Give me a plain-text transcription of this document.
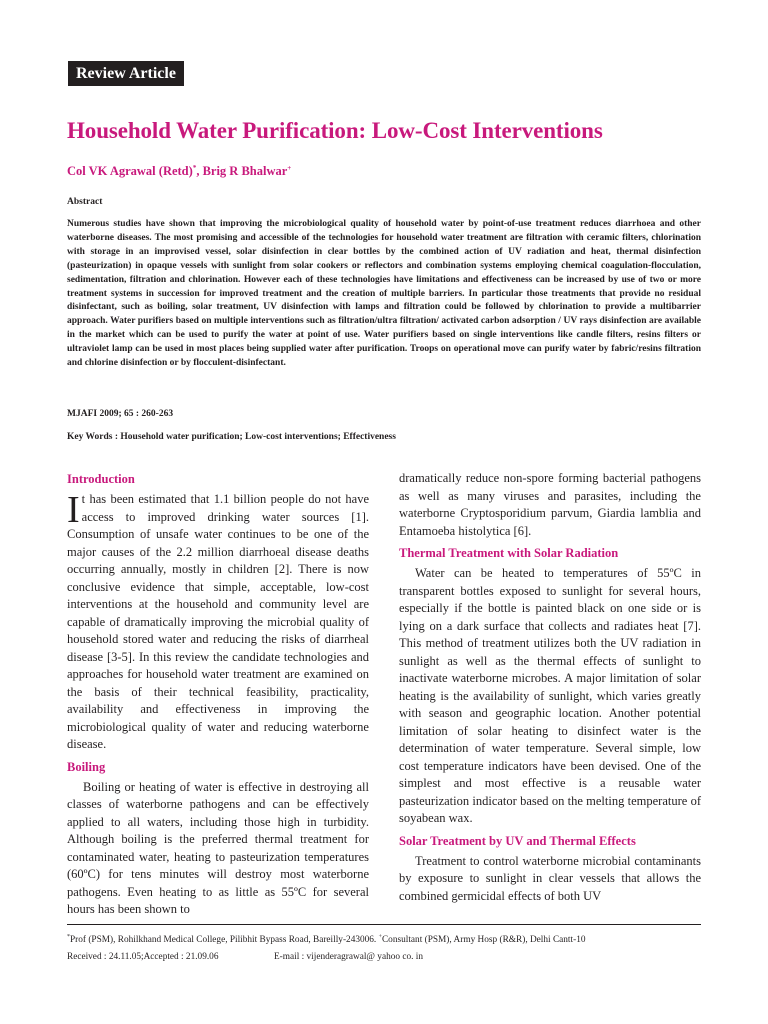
Review Article
Household Water Purification: Low-Cost Interventions
Col VK Agrawal (Retd)*, Brig R Bhalwar+
Abstract

Numerous studies have shown that improving the microbiological quality of household water by point-of-use treatment reduces diarrhoea and other waterborne diseases. The most promising and accessible of the technologies for household water treatment are filtration with ceramic filters, chlorination with storage in an improvised vessel, solar disinfection in clear bottles by the combined action of UV radiation and heat, thermal disinfection (pasteurization) in opaque vessels with sunlight from solar cookers or reflectors and combination systems employing chemical coagulation-flocculation, sedimentation, filtration and chlorination. However each of these technologies have limitations and effectiveness can be increased by use of two or more treatment systems in succession for improved treatment and the creation of multiple barriers. In particular those treatments that provide no residual disinfectant, such as boiling, solar treatment, UV disinfection with lamps and filtration could be followed by chlorination to provide a multibarrier approach. Water purifiers based on multiple interventions such as filtration/ultra filtration/ activated carbon adsorption / UV rays disinfection are available in the market which can be used to purify the water at point of use. Water purifiers based on single interventions like candle filters, resins filters or ultraviolet lamp can be used in most places being supplied water after purification. Troops on operational move can purify water by fabric/resins filtration and chlorine disinfection or by flocculent-disinfectant.

MJAFI 2009; 65 : 260-263
Key Words : Household water purification; Low-cost interventions; Effectiveness
Introduction

It has been estimated that 1.1 billion people do not have access to improved drinking water sources [1]. Consumption of unsafe water continues to be one of the major causes of the 2.2 million diarrhoeal disease deaths occurring annually, mostly in children [2]. There is now conclusive evidence that simple, acceptable, low-cost interventions at the household and community level are capable of dramatically improving the microbial quality of household stored water and reducing the risks of diarrheal disease [3-5]. In this review the candidate technologies and approaches for household water treatment are examined on the basis of their technical feasibility, practicality, availability and effectiveness in improving the microbiological quality of water and reducing waterborne disease.

Boiling

Boiling or heating of water is effective in destroying all classes of waterborne pathogens and can be effectively applied to all waters, including those high in turbidity. Although boiling is the preferred thermal treatment for contaminated water, heating to pasteurization temperatures (60ºC) for tens minutes will destroy most waterborne pathogens. Even heating to as little as 55ºC for several hours has been shown to

dramatically reduce non-spore forming bacterial pathogens as well as many viruses and parasites, including the waterborne Cryptosporidium parvum, Giardia lamblia and Entamoeba histolytica [6].

Thermal Treatment with Solar Radiation

Water can be heated to temperatures of 55ºC in transparent bottles exposed to sunlight for several hours, especially if the bottle is painted black on one side or is lying on a dark surface that collects and radiates heat [7]. This method of treatment utilizes both the UV radiation in sunlight as well as the thermal effects of sunlight to inactivate waterborne microbes. A major limitation of solar heating is the availability of sunlight, which varies greatly with season and geographic location. Another potential limitation of solar heating to disinfect water is the determination of water temperature. Several simple, low cost temperature indicators have been devised. One of the simplest and most effective is a reusable water pasteurization indicator based on the melting temperature of soyabean wax.

Solar Treatment by UV and Thermal Effects

Treatment to control waterborne microbial contaminants by exposure to sunlight in clear vessels that allows the combined germicidal effects of both UV

*Prof (PSM), Rohilkhand Medical College, Pilibhit Bypass Road, Bareilly-243006. +Consultant (PSM), Army Hosp (R&R), Delhi Cantt-10
Received : 24.11.05;Accepted : 21.09.06	E-mail : vijenderagrawal@ yahoo co. in
